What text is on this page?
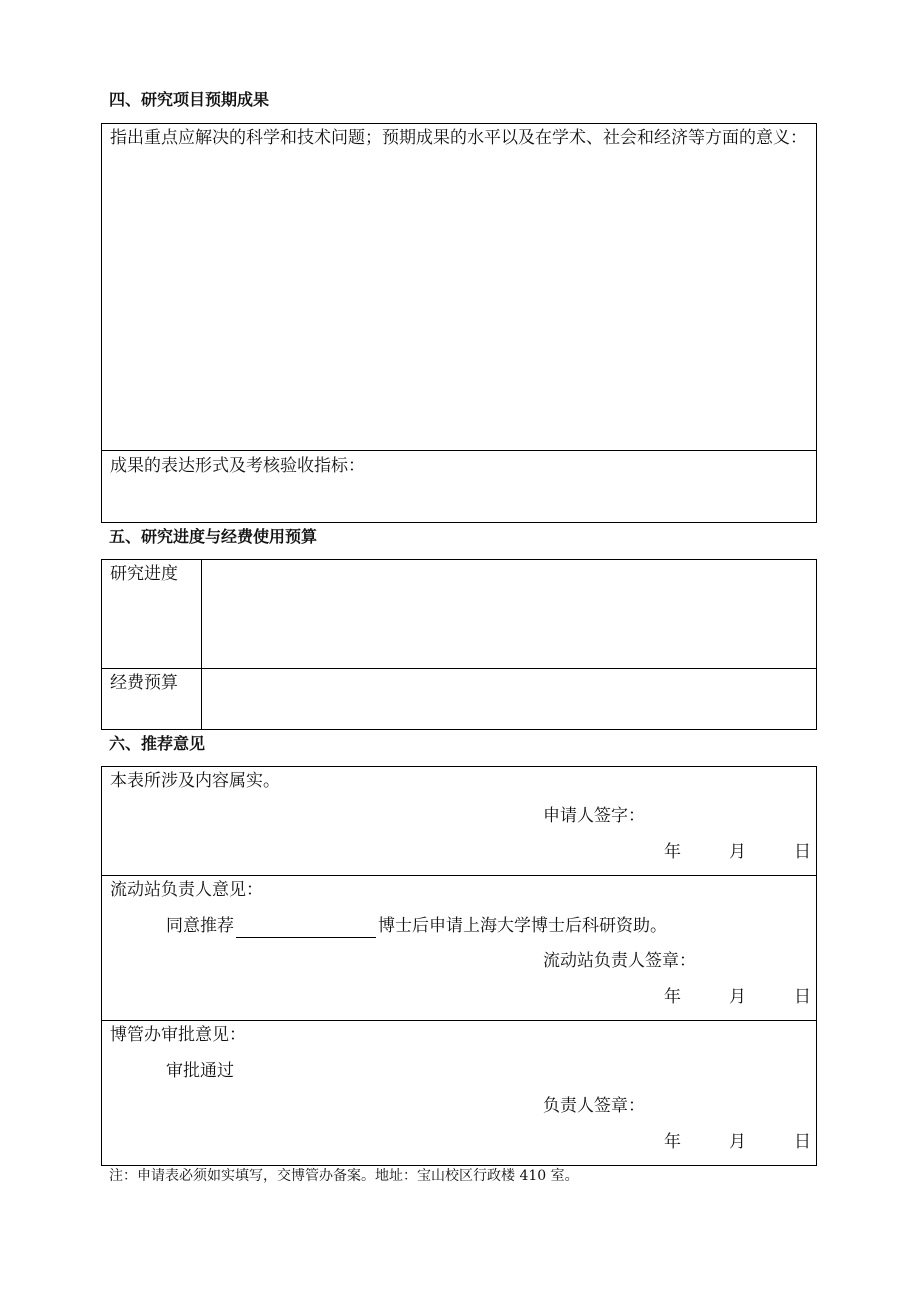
四、研究项目预期成果
指出重点应解决的科学和技术问题；预期成果的水平以及在学术、社会和经济等方面的意义：
成果的表达形式及考核验收指标：
五、研究进度与经费使用预算
研究进度
经费预算
六、推荐意见
本表所涉及内容属实。
申请人签字：
年	月	日
流动站负责人意见：
同意推荐	博士后申请上海大学博士后科研资助。
流动站负责人签章：
年	月	日
博管办审批意见：
审批通过
负责人签章：
年	月	日
注：申请表必须如实填写，交博管办备案。地址：宝山校区行政楼 410 室。
